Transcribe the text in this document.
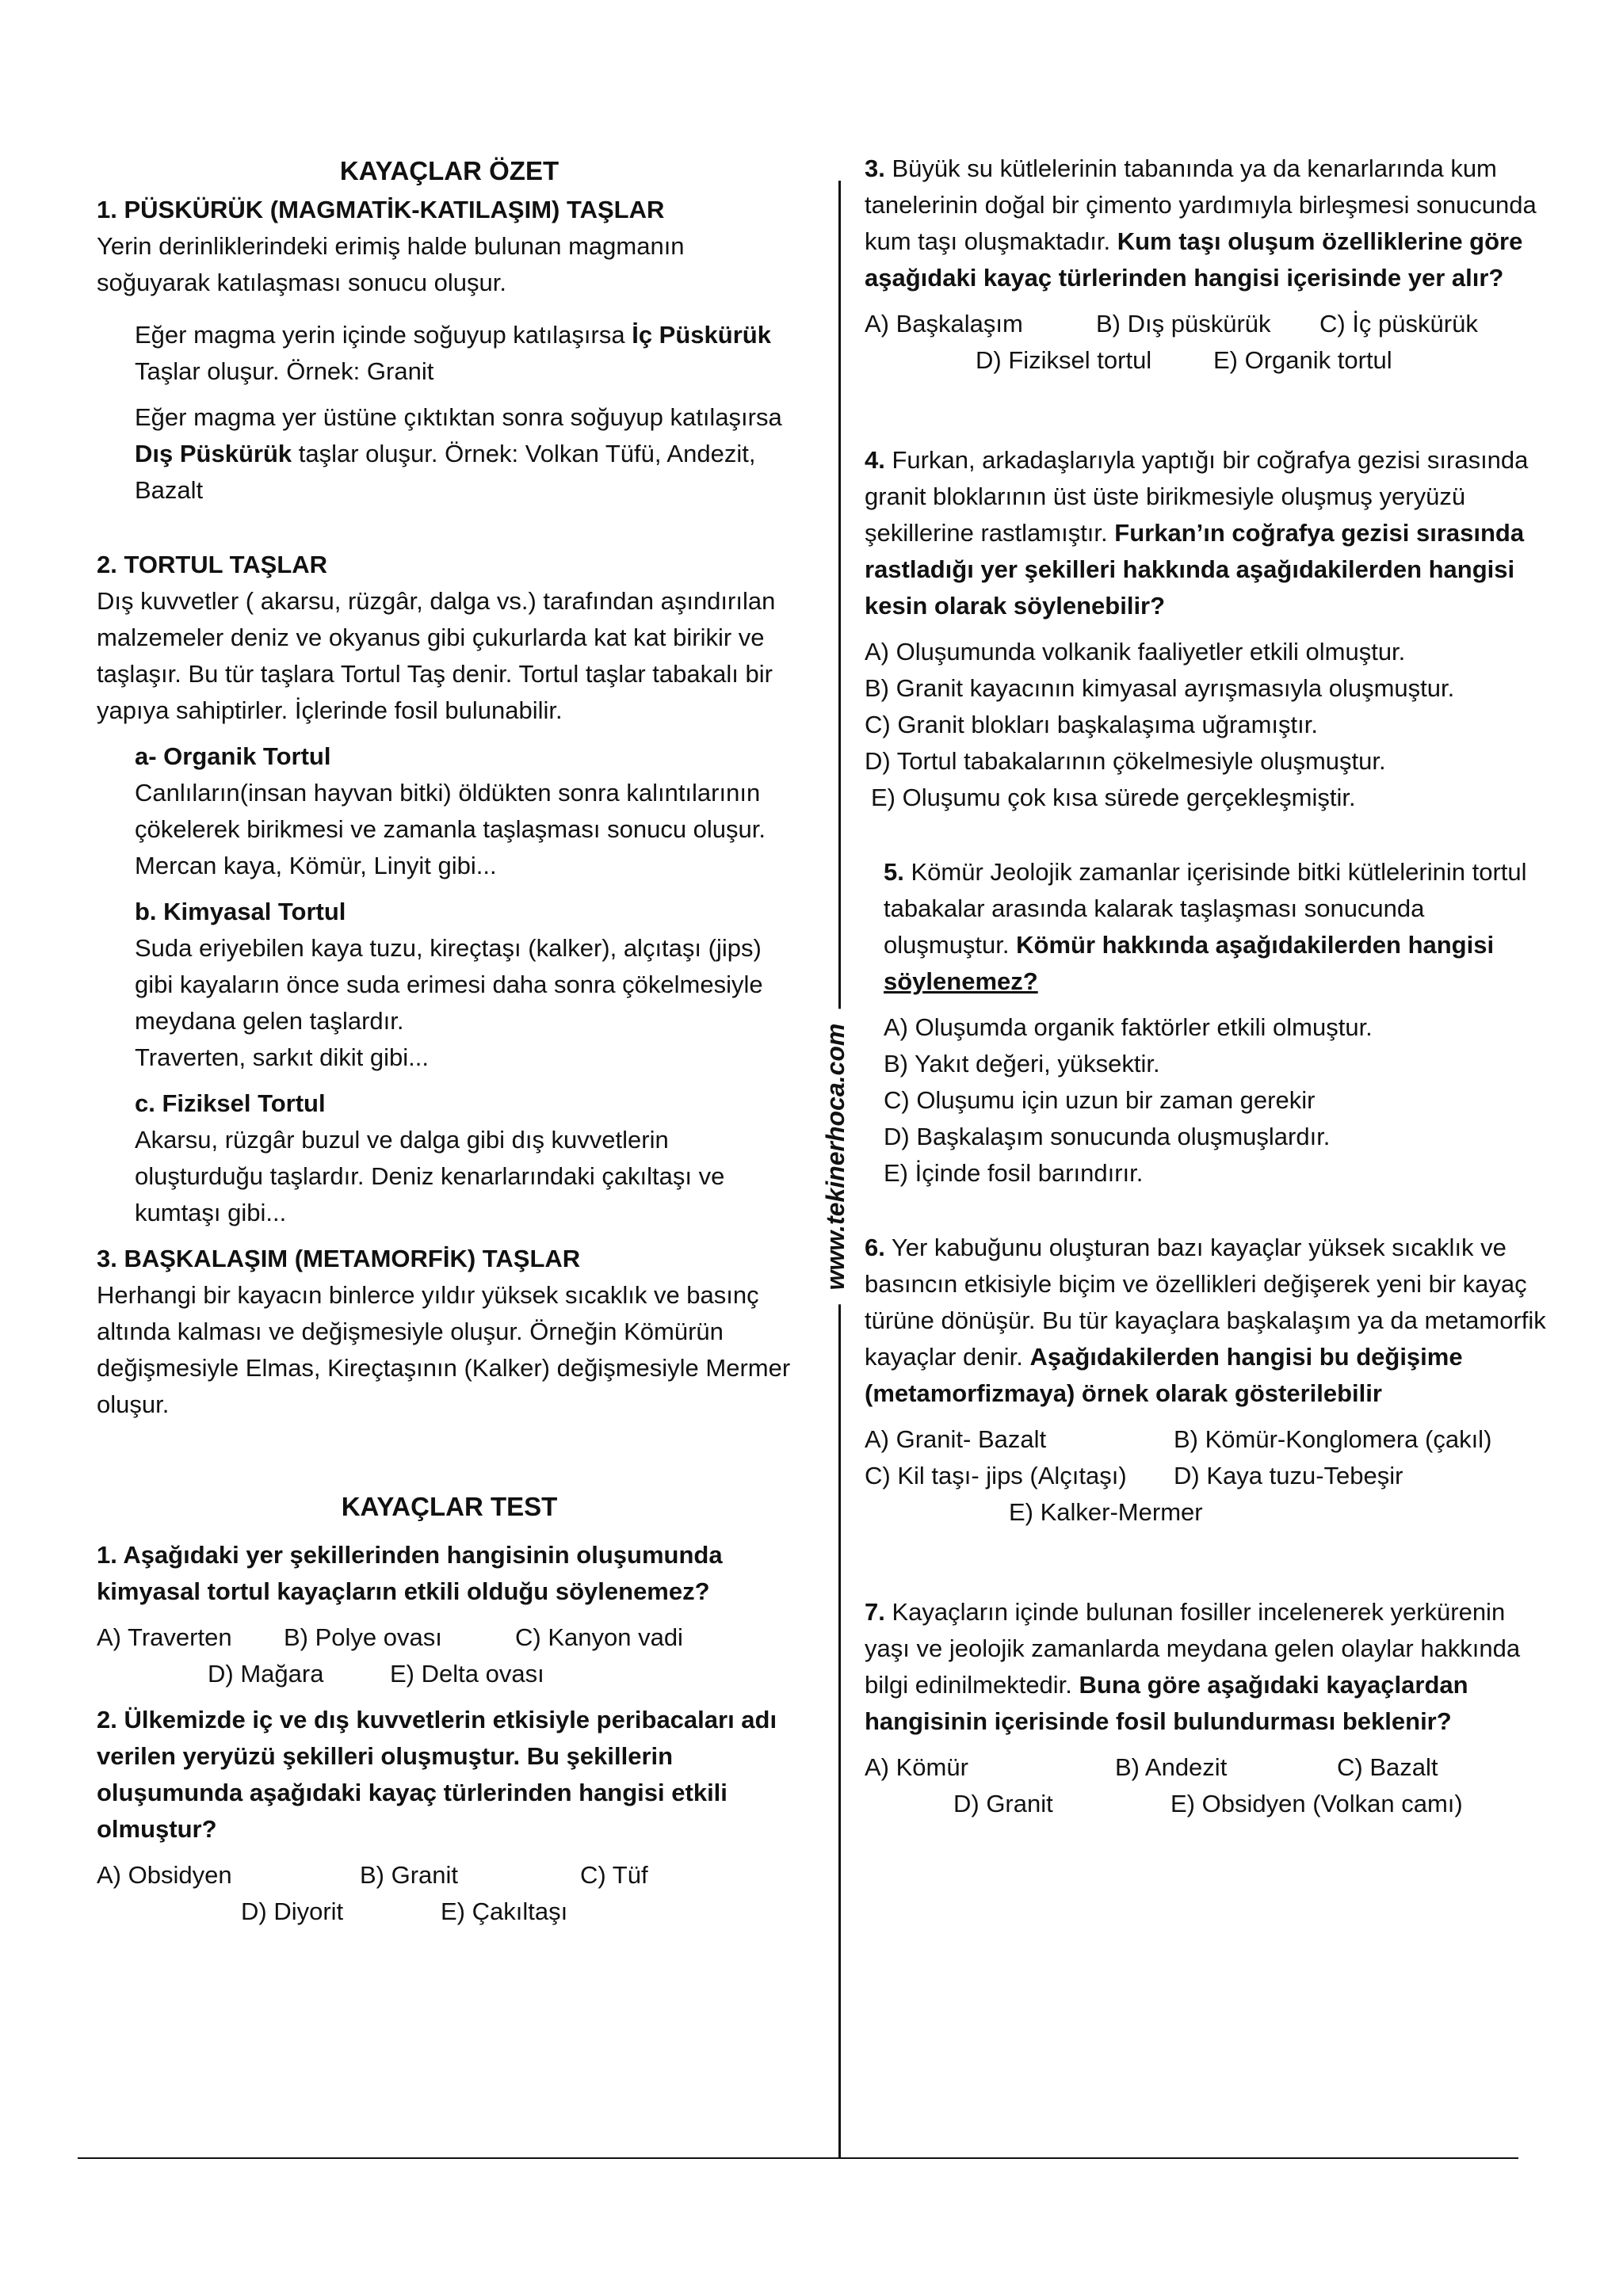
www.tekinerhoca.com

KAYAÇLAR ÖZET

1. PÜSKÜRÜK (MAGMATİK-KATILAŞIM) TAŞLAR

Yerin derinliklerindeki erimiş halde bulunan magmanın soğuyarak katılaşması sonucu oluşur.

Eğer magma yerin içinde soğuyup katılaşırsa İç Püskürük Taşlar oluşur. Örnek: Granit

Eğer magma yer üstüne çıktıktan sonra soğuyup katılaşırsa Dış Püskürük taşlar oluşur. Örnek: Volkan Tüfü, Andezit, Bazalt

2. TORTUL TAŞLAR

Dış kuvvetler ( akarsu, rüzgâr, dalga vs.) tarafından aşındırılan malzemeler deniz ve okyanus gibi çukurlarda kat kat birikir ve taşlaşır. Bu tür taşlara Tortul Taş denir. Tortul taşlar tabakalı bir yapıya sahiptirler. İçlerinde fosil bulunabilir.

a- Organik Tortul

Canlıların(insan hayvan bitki) öldükten sonra kalıntılarının çökelerek birikmesi ve zamanla taşlaşması sonucu oluşur.

Mercan kaya, Kömür, Linyit gibi...

b. Kimyasal Tortul

Suda eriyebilen kaya tuzu, kireçtaşı (kalker), alçıtaşı (jips) gibi kayaların önce suda erimesi daha sonra çökelmesiyle meydana gelen taşlardır.

Traverten, sarkıt dikit gibi...

c. Fiziksel Tortul

Akarsu, rüzgâr buzul ve dalga gibi dış kuvvetlerin oluşturduğu taşlardır. Deniz kenarlarındaki çakıltaşı ve kumtaşı gibi...

3. BAŞKALAŞIM (METAMORFİK) TAŞLAR

Herhangi bir kayacın binlerce yıldır yüksek sıcaklık ve basınç altında kalması ve değişmesiyle oluşur. Örneğin Kömürün değişmesiyle Elmas, Kireçtaşının (Kalker) değişmesiyle Mermer oluşur.

KAYAÇLAR TEST

1. Aşağıdaki yer şekillerinden hangisinin oluşumunda kimyasal tortul kayaçların etkili olduğu söylenemez?

A) Traverten B) Polye ovası	C) Kanyon vadi
D) Mağara	E) Delta ovası

2. Ülkemizde iç ve dış kuvvetlerin etkisiyle peribacaları adı verilen yeryüzü şekilleri oluşmuştur. Bu şekillerin oluşumunda aşağıdaki kayaç türlerinden hangisi etkili olmuştur?

A) Obsidyen	B) Granit	C) Tüf
D) Diyorit	E) Çakıltaşı

3. Büyük su kütlelerinin tabanında ya da kenarlarında kum tanelerinin doğal bir çimento yardımıyla birleşmesi sonucunda kum taşı oluşmaktadır. Kum taşı oluşum özelliklerine göre aşağıdaki kayaç türlerinden hangisi içerisinde yer alır?

A) Başkalaşım	B) Dış püskürük C) İç püskürük
D) Fiziksel tortul	E) Organik tortul

4. Furkan, arkadaşlarıyla yaptığı bir coğrafya gezisi sırasında granit bloklarının üst üste birikmesiyle oluşmuş yeryüzü şekillerine rastlamıştır. Furkan’ın coğrafya gezisi sırasında rastladığı yer şekilleri hakkında aşağıdakilerden hangisi kesin olarak söylenebilir?

A) Oluşumunda volkanik faaliyetler etkili olmuştur.

B) Granit kayacının kimyasal ayrışmasıyla oluşmuştur.

C) Granit blokları başkalaşıma uğramıştır.

D) Tortul tabakalarının çökelmesiyle oluşmuştur.

E) Oluşumu çok kısa sürede gerçekleşmiştir.

5. Kömür Jeolojik zamanlar içerisinde bitki kütlelerinin tortul tabakalar arasında kalarak taşlaşması sonucunda oluşmuştur. Kömür hakkında aşağıdakilerden hangisi söylenemez?

A) Oluşumda organik faktörler etkili olmuştur.

B) Yakıt değeri, yüksektir.

C) Oluşumu için uzun bir zaman gerekir

D) Başkalaşım sonucunda oluşmuşlardır.

E) İçinde fosil barındırır.

6. Yer kabuğunu oluşturan bazı kayaçlar yüksek sıcaklık ve basıncın etkisiyle biçim ve özellikleri değişerek yeni bir kayaç türüne dönüşür. Bu tür kayaçlara başkalaşım ya da metamorfik kayaçlar denir. Aşağıdakilerden hangisi bu değişime (metamorfizmaya) örnek olarak gösterilebilir

A) Granit- Bazalt	B) Kömür-Konglomera (çakıl)
C) Kil taşı- jips (Alçıtaşı) D) Kaya tuzu-Tebeşir
E) Kalker-Mermer

7. Kayaçların içinde bulunan fosiller incelenerek yerkürenin yaşı ve jeolojik zamanlarda meydana gelen olaylar hakkında bilgi edinilmektedir. Buna göre aşağıdaki kayaçlardan hangisinin içerisinde fosil bulundurması beklenir?

A) Kömür	B) Andezit	C) Bazalt
D) Granit	E) Obsidyen (Volkan camı)
